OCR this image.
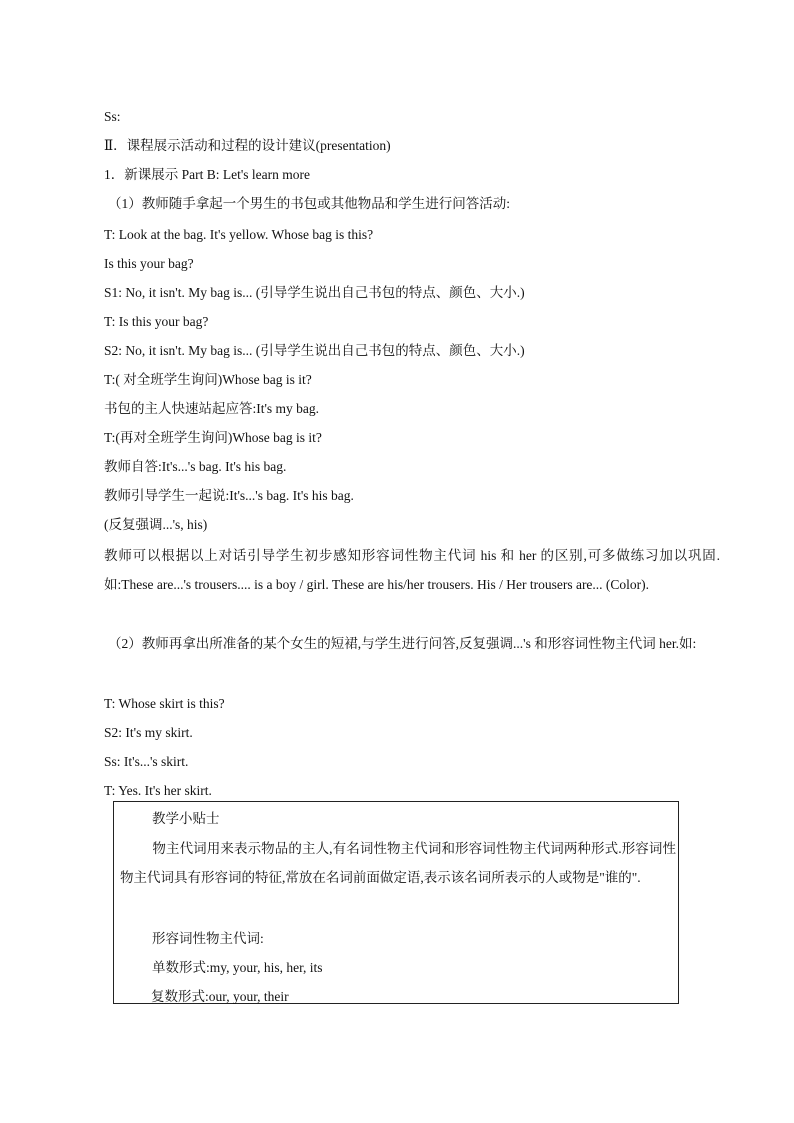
Ss:
Ⅱ．课程展示活动和过程的设计建议(presentation)
1．新课展示 Part B: Let's learn more
（1）教师随手拿起一个男生的书包或其他物品和学生进行问答活动:
T: Look at the bag. It's yellow. Whose bag is this?
Is this your bag?
S1: No, it isn't. My bag is... (引导学生说出自己书包的特点、颜色、大小.)
T: Is this your bag?
S2: No, it isn't. My bag is... (引导学生说出自己书包的特点、颜色、大小.)
T:( 对全班学生询问)Whose bag is it?
书包的主人快速站起应答:It's my bag.
T:(再对全班学生询问)Whose bag is it?
教师自答:It's...'s bag. It's his bag.
教师引导学生一起说:It's...'s bag. It's his bag.
(反复强调...'s, his)
教师可以根据以上对话引导学生初步感知形容词性物主代词 his 和 her 的区别,可多做练习加以巩固.如:These are...'s trousers.... is a boy / girl. These are his/her trousers. His / Her trousers are... (Color).
（2）教师再拿出所准备的某个女生的短裙,与学生进行问答,反复强调...'s 和形容词性物主代词 her.如:
T: Whose skirt is this?
S2: It's my skirt.
Ss: It's...'s skirt.
T: Yes. It's her skirt.
教学小贴士
物主代词用来表示物品的主人,有名词性物主代词和形容词性物主代词两种形式.形容词性物主代词具有形容词的特征,常放在名词前面做定语,表示该名词所表示的人或物是"谁的".
形容词性物主代词:
单数形式:my, your, his, her, its
复数形式:our, your, their
